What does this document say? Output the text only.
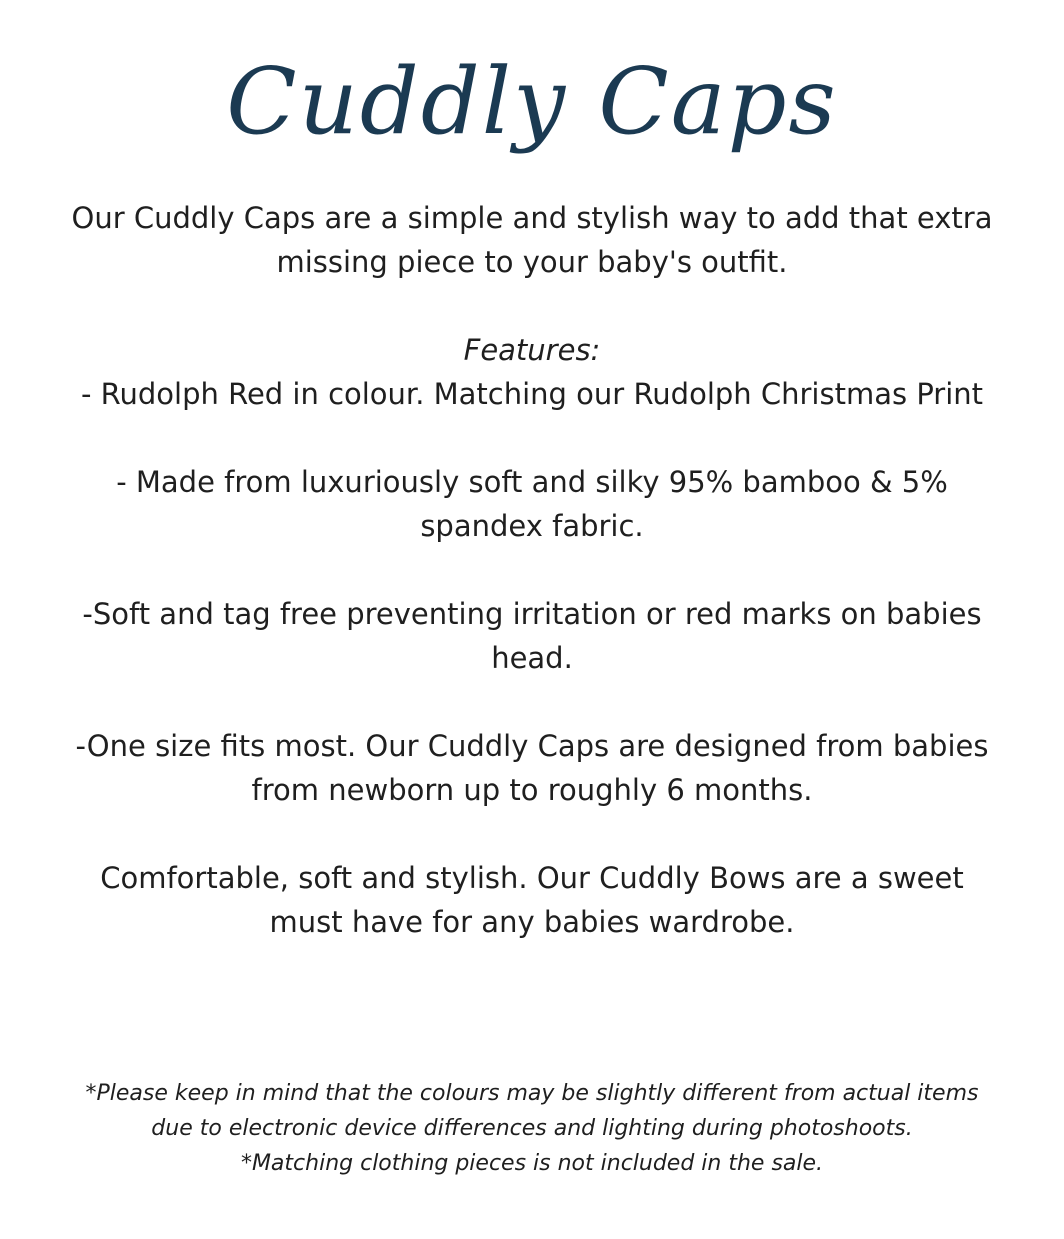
Cuddly Caps

Our Cuddly Caps are a simple and stylish way to add that extra missing piece to your baby's outfit.

Features:

- Rudolph Red in colour. Matching our Rudolph Christmas Print

- Made from luxuriously soft and silky 95% bamboo & 5% spandex fabric.

-Soft and tag free preventing irritation or red marks on babies head.

-One size fits most. Our Cuddly Caps are designed from babies from newborn up to roughly 6 months.

Comfortable, soft and stylish. Our Cuddly Bows are a sweet must have for any babies wardrobe.

*Please keep in mind that the colours may be slightly different from actual items due to electronic device differences and lighting during photoshoots.

*Matching clothing pieces is not included in the sale.
